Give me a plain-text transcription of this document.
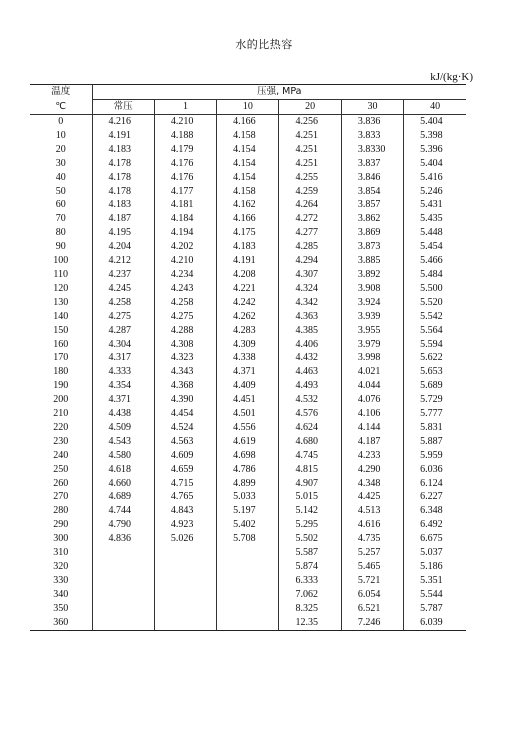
水的比热容
kJ/(kg·K)
温度	压强, MPa					
℃	常压	1	10	20	30	40
0	4.216	4.210	4.166	4.256	3.836	5.404
10	4.191	4.188	4.158	4.251	3.833	5.398
20	4.183	4.179	4.154	4.251	3.8330	5.396
30	4.178	4.176	4.154	4.251	3.837	5.404
40	4.178	4.176	4.154	4.255	3.846	5.416
50	4.178	4.177	4.158	4.259	3.854	5.246
60	4.183	4.181	4.162	4.264	3.857	5.431
70	4.187	4.184	4.166	4.272	3.862	5.435
80	4.195	4.194	4.175	4.277	3.869	5.448
90	4.204	4.202	4.183	4.285	3.873	5.454
100	4.212	4.210	4.191	4.294	3.885	5.466
110	4.237	4.234	4.208	4.307	3.892	5.484
120	4.245	4.243	4.221	4.324	3.908	5.500
130	4.258	4.258	4.242	4.342	3.924	5.520
140	4.275	4.275	4.262	4.363	3.939	5.542
150	4.287	4.288	4.283	4.385	3.955	5.564
160	4.304	4.308	4.309	4.406	3.979	5.594
170	4.317	4.323	4.338	4.432	3.998	5.622
180	4.333	4.343	4.371	4.463	4.021	5.653
190	4.354	4.368	4.409	4.493	4.044	5.689
200	4.371	4.390	4.451	4.532	4.076	5.729
210	4.438	4.454	4.501	4.576	4.106	5.777
220	4.509	4.524	4.556	4.624	4.144	5.831
230	4.543	4.563	4.619	4.680	4.187	5.887
240	4.580	4.609	4.698	4.745	4.233	5.959
250	4.618	4.659	4.786	4.815	4.290	6.036
260	4.660	4.715	4.899	4.907	4.348	6.124
270	4.689	4.765	5.033	5.015	4.425	6.227
280	4.744	4.843	5.197	5.142	4.513	6.348
290	4.790	4.923	5.402	5.295	4.616	6.492
300	4.836	5.026	5.708	5.502	4.735	6.675
310				5.587	5.257	5.037
320				5.874	5.465	5.186
330				6.333	5.721	5.351
340				7.062	6.054	5.544
350				8.325	6.521	5.787
360				12.35	7.246	6.039
